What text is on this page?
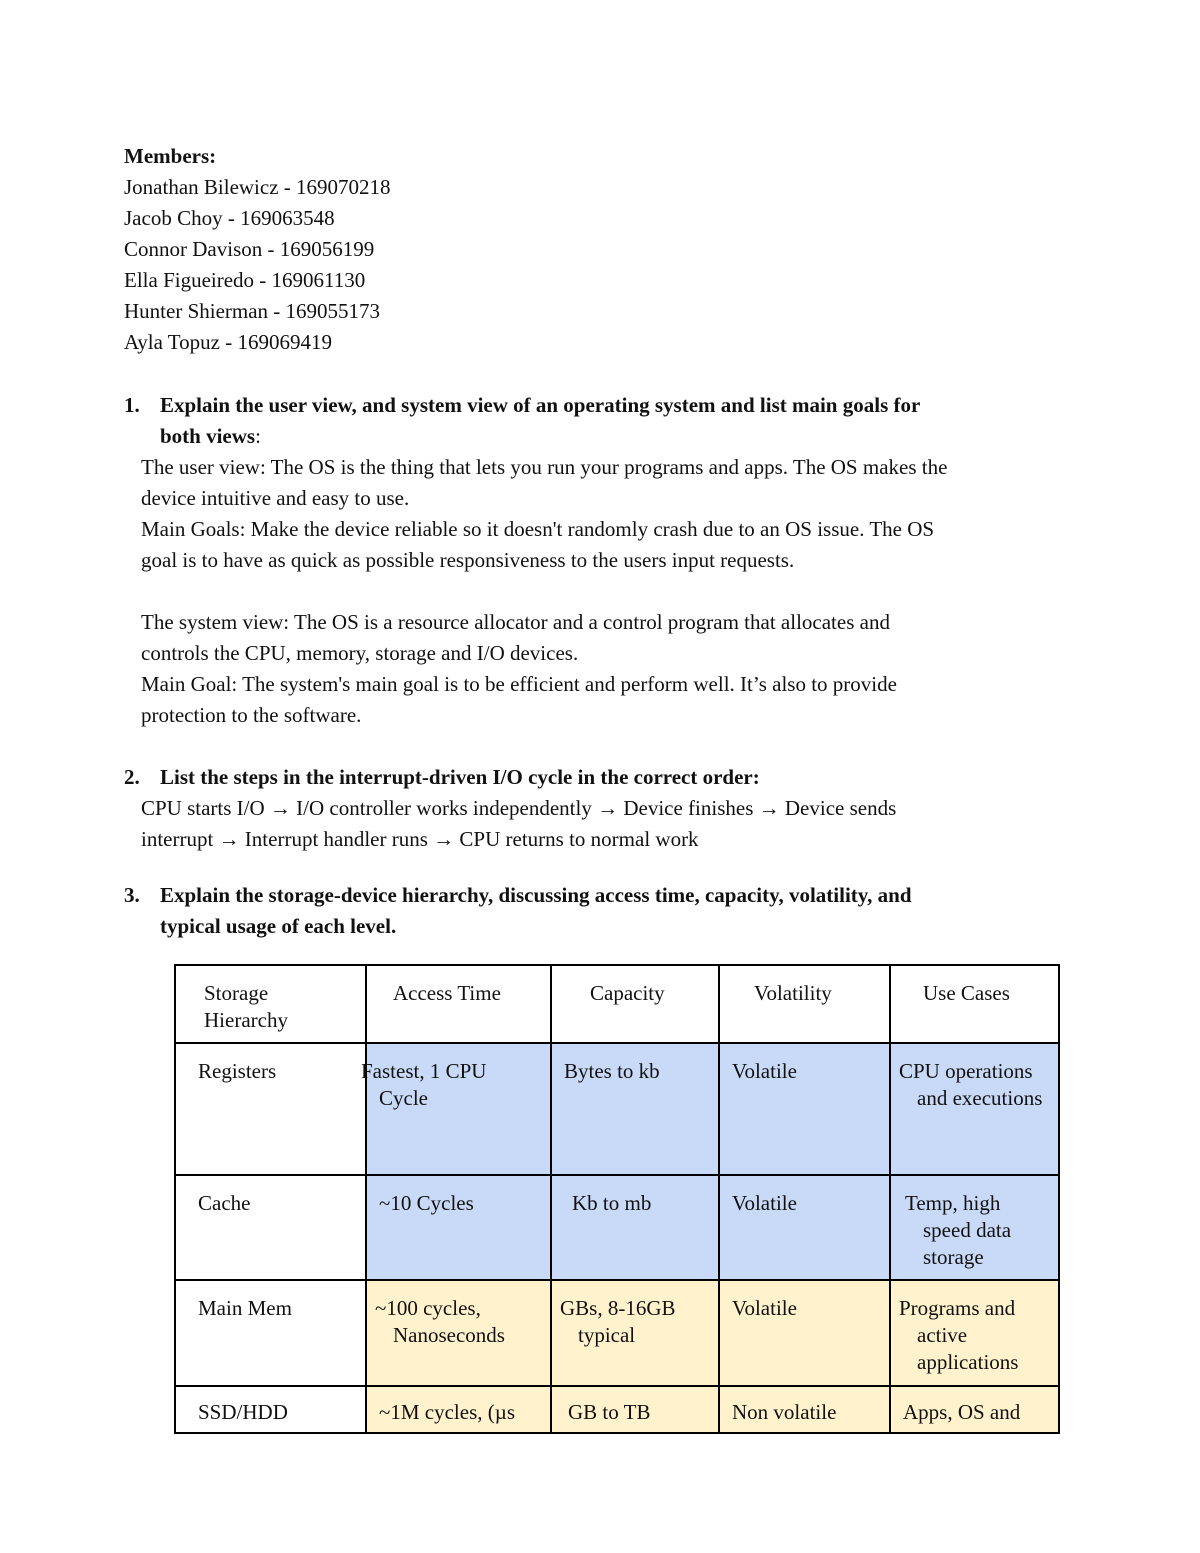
Members:
Jonathan Bilewicz - 169070218
Jacob Choy - 169063548
Connor Davison - 169056199
Ella Figueiredo - 169061130
Hunter Shierman - 169055173
Ayla Topuz - 169069419
1. Explain the user view, and system view of an operating system and list main goals for
both views:
The user view: The OS is the thing that lets you run your programs and apps. The OS makes the
device intuitive and easy to use.
Main Goals: Make the device reliable so it doesn't randomly crash due to an OS issue. The OS
goal is to have as quick as possible responsiveness to the users input requests.
The system view: The OS is a resource allocator and a control program that allocates and
controls the CPU, memory, storage and I/O devices.
Main Goal: The system's main goal is to be efficient and perform well. It’s also to provide
protection to the software.
2. List the steps in the interrupt-driven I/O cycle in the correct order:
CPU starts I/O → I/O controller works independently → Device finishes → Device sends
interrupt → Interrupt handler runs → CPU returns to normal work
3. Explain the storage-device hierarchy, discussing access time, capacity, volatility, and
typical usage of each level.
Storage Hierarchy	Access Time	Capacity	Volatility	Use Cases
Registers	Fastest, 1 CPU Cycle	Bytes to kb	Volatile	CPU operations and executions
Cache	~10 Cycles	Kb to mb	Volatile	Temp, high speed data storage
Main Mem	~100 cycles, Nanoseconds	GBs, 8-16GB typical	Volatile	Programs and active applications
SSD/HDD	~1M cycles, (µs	GB to TB	Non volatile	Apps, OS and
